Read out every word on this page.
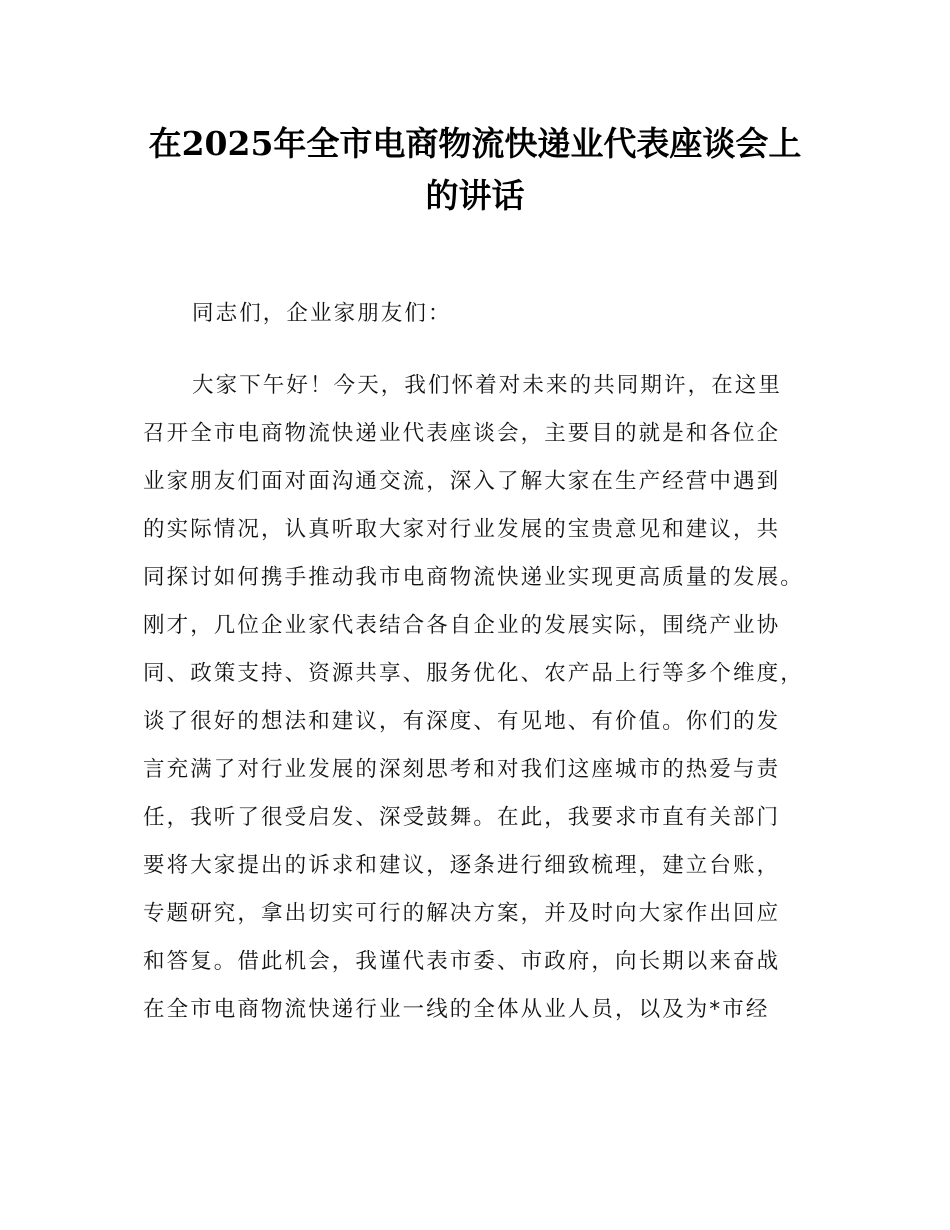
在2025年全市电商物流快递业代表座谈会上
的讲话
同志们，企业家朋友们：
大家下午好！今天，我们怀着对未来的共同期许，在这里
召开全市电商物流快递业代表座谈会，主要目的就是和各位企
业家朋友们面对面沟通交流，深入了解大家在生产经营中遇到
的实际情况，认真听取大家对行业发展的宝贵意见和建议，共
同探讨如何携手推动我市电商物流快递业实现更高质量的发展。
刚才，几位企业家代表结合各自企业的发展实际，围绕产业协
同、政策支持、资源共享、服务优化、农产品上行等多个维度，
谈了很好的想法和建议，有深度、有见地、有价值。你们的发
言充满了对行业发展的深刻思考和对我们这座城市的热爱与责
任，我听了很受启发、深受鼓舞。在此，我要求市直有关部门
要将大家提出的诉求和建议，逐条进行细致梳理，建立台账，
专题研究，拿出切实可行的解决方案，并及时向大家作出回应
和答复。借此机会，我谨代表市委、市政府，向长期以来奋战
在全市电商物流快递行业一线的全体从业人员，以及为*市经
